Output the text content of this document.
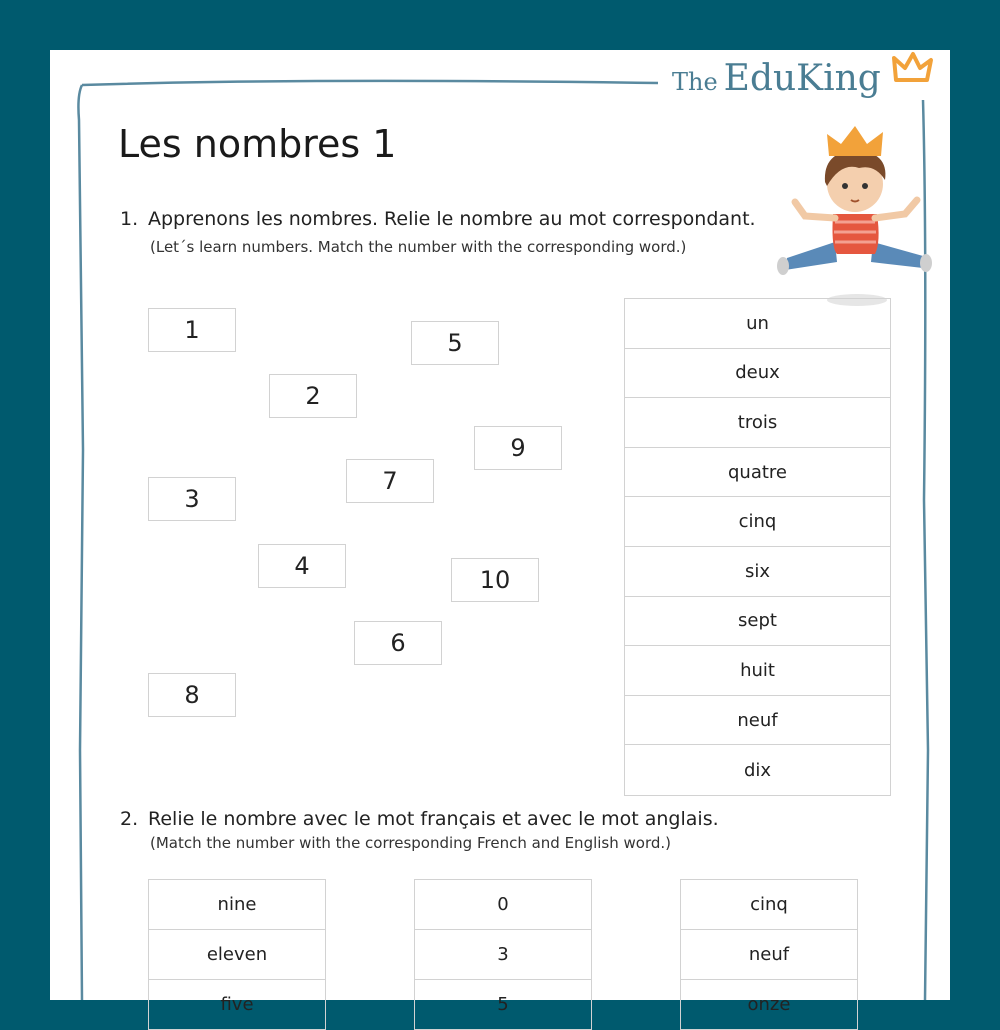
The EduKing
Les nombres 1
1. Apprenons les nombres. Relie le nombre au mot correspondant.
(Let´s learn numbers. Match the number with the corresponding word.)
1	5
2
9
7
3
4	10
6
8
un
deux
trois
quatre
cinq
six
sept
huit
neuf
dix
2. Relie le nombre avec le mot français et avec le mot anglais.
(Match the number with the corresponding French and English word.)
nine
eleven
five
0
3
5
cinq
neuf
onze
